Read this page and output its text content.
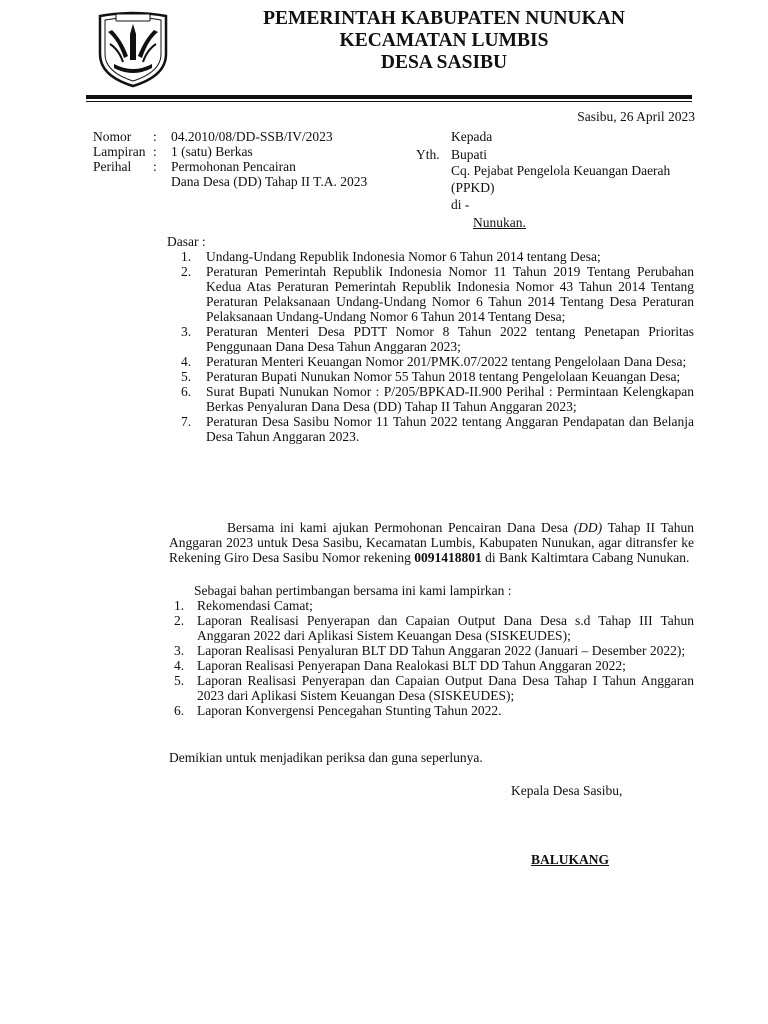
PEMERINTAH KABUPATEN NUNUKAN
KECAMATAN LUMBIS
DESA SASIBU
Sasibu, 26 April 2023
Nomor : 04.2010/08/DD-SSB/IV/2023
Lampiran : 1 (satu) Berkas
Perihal : Permohonan Pencairan
Dana Desa (DD) Tahap II T.A. 2023
Kepada
Yth. Bupati
Cq. Pejabat Pengelola Keuangan Daerah
(PPKD)
di -
Nunukan.
Dasar :
1. Undang-Undang Republik Indonesia Nomor 6 Tahun 2014 tentang Desa;
2. Peraturan Pemerintah Republik Indonesia Nomor 11 Tahun 2019 Tentang Perubahan Kedua Atas Peraturan Pemerintah Republik Indonesia Nomor 43 Tahun 2014 Tentang Peraturan Pelaksanaan Undang-Undang Nomor 6 Tahun 2014 Tentang Desa Peraturan Pelaksanaan Undang-Undang Nomor 6 Tahun 2014 Tentang Desa;
3. Peraturan Menteri Desa PDTT Nomor 8 Tahun 2022 tentang Penetapan Prioritas Penggunaan Dana Desa Tahun Anggaran 2023;
4. Peraturan Menteri Keuangan Nomor 201/PMK.07/2022 tentang Pengelolaan Dana Desa;
5. Peraturan Bupati Nunukan Nomor 55 Tahun 2018 tentang Pengelolaan Keuangan Desa;
6. Surat Bupati Nunukan Nomor : P/205/BPKAD-II.900 Perihal : Permintaan Kelengkapan Berkas Penyaluran Dana Desa (DD) Tahap II Tahun Anggaran 2023;
7. Peraturan Desa Sasibu Nomor 11 Tahun 2022 tentang Anggaran Pendapatan dan Belanja Desa Tahun Anggaran 2023.
Bersama ini kami ajukan Permohonan Pencairan Dana Desa (DD) Tahap II Tahun Anggaran 2023 untuk Desa Sasibu, Kecamatan Lumbis, Kabupaten Nunukan, agar ditransfer ke Rekening Giro Desa Sasibu Nomor rekening 0091418801 di Bank Kaltimtara Cabang Nunukan.
Sebagai bahan pertimbangan bersama ini kami lampirkan :
1. Rekomendasi Camat;
2. Laporan Realisasi Penyerapan dan Capaian Output Dana Desa s.d Tahap III Tahun Anggaran 2022 dari Aplikasi Sistem Keuangan Desa (SISKEUDES);
3. Laporan Realisasi Penyaluran BLT DD Tahun Anggaran 2022 (Januari – Desember 2022);
4. Laporan Realisasi Penyerapan Dana Realokasi BLT DD Tahun Anggaran 2022;
5. Laporan Realisasi Penyerapan dan Capaian Output Dana Desa Tahap I Tahun Anggaran 2023 dari Aplikasi Sistem Keuangan Desa (SISKEUDES);
6. Laporan Konvergensi Pencegahan Stunting Tahun 2022.
Demikian untuk menjadikan periksa dan guna seperlunya.
Kepala Desa Sasibu,
BALUKANG
